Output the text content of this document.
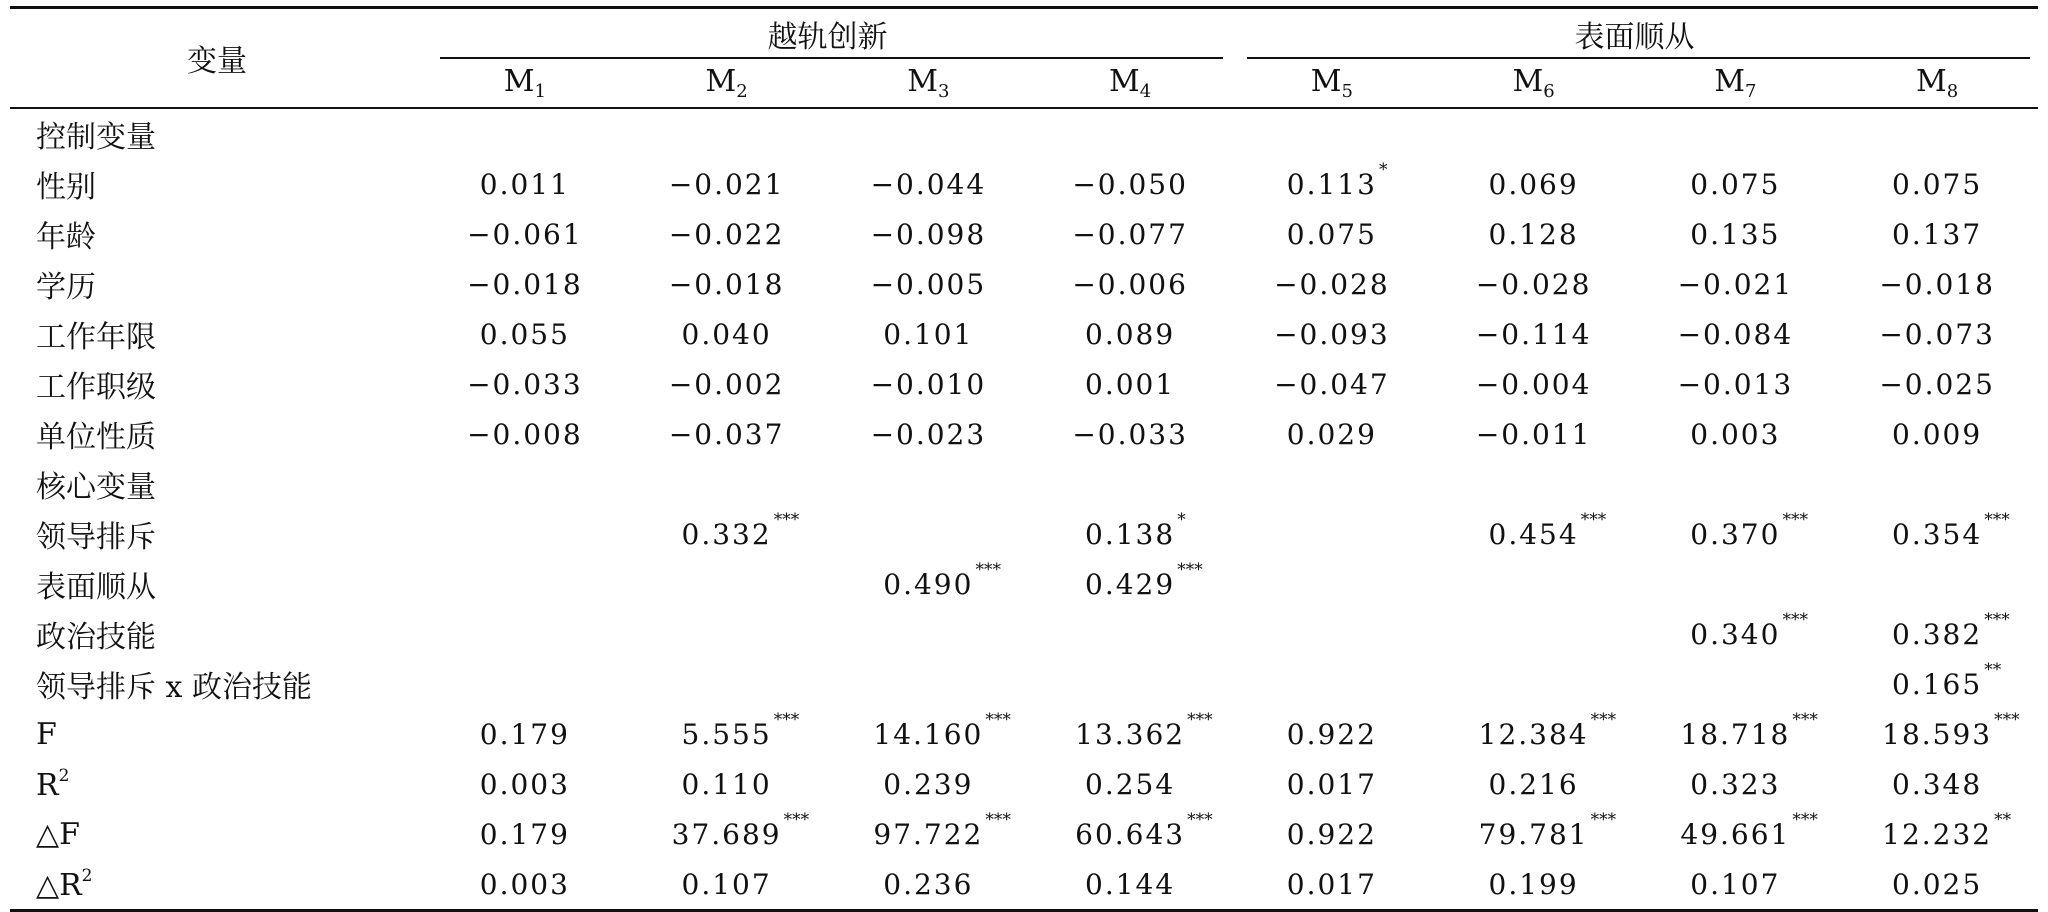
变量	越轨创新				表面顺从			

	$M_1$	$M_2$	$M_3$	$M_4$	$M_5$	$M_6$	$M_7$	$M_8$
控制变量								
性别	0.011	−0.021	−0.044	−0.050	0.113 *	0.069	0.075	0.075
年龄	−0.061	−0.022	−0.098	−0.077	0.075	0.128	0.135	0.137
学历	−0.018	−0.018	−0.005	−0.006	−0.028	−0.028	−0.021	−0.018
工作年限	0.055	0.040	0.101	0.089	−0.093	−0.114	−0.084	−0.073
工作职级	−0.033	−0.002	−0.010	0.001	−0.047	−0.004	−0.013	−0.025
单位性质	−0.008	−0.037	−0.023	−0.033	0.029	−0.011	0.003	0.009
核心变量								
领导排斥		0.332 ***		0.138 *		0.454 ***	0.370 ***	0.354 ***

表面顺从			0.490 ***	0.429 ***				

政治技能							0.340 ***	0.382 ***

领导排斥 x 政治技能								0.165 **

F	0.179	5.555 ***	14.160 ***	13.362 ***	0.922	12.384 ***	18.718 ***	18.593 ***

$R^2$	0.003	0.110	0.239	0.254	0.017	0.216	0.323	0.348
△F	0.179	37.689 ***	97.722 ***	60.643 ***	0.922	79.781 ***	49.661 ***	12.232 **

$\triangle R^2$	0.003	0.107	0.236	0.144	0.017	0.199	0.107	0.025
